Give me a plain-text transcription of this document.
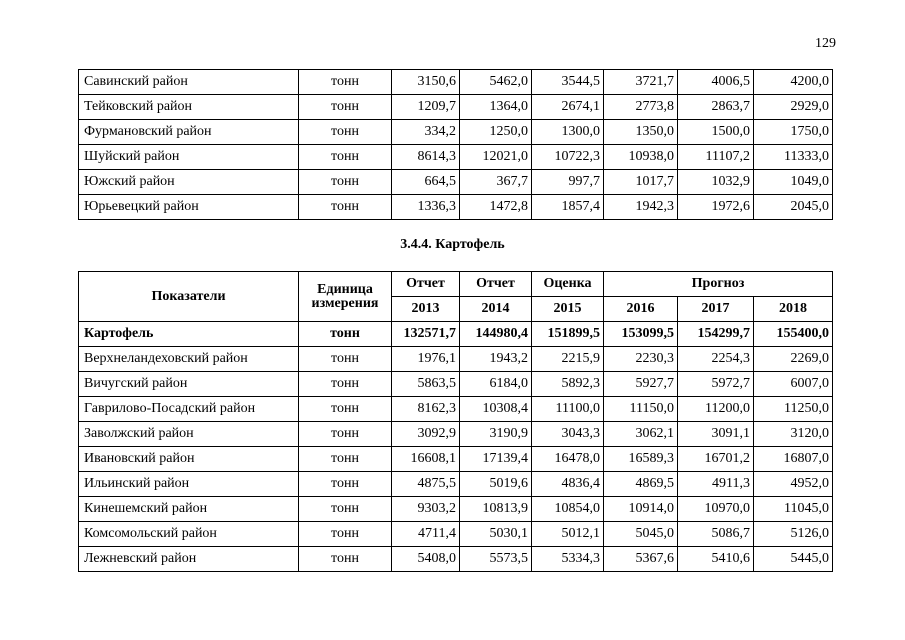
129
Савинский район	тонн	3150,6	5462,0	3544,5	3721,7	4006,5	4200,0
Тейковский район	тонн	1209,7	1364,0	2674,1	2773,8	2863,7	2929,0
Фурмановский район	тонн	334,2	1250,0	1300,0	1350,0	1500,0	1750,0
Шуйский район	тонн	8614,3	12021,0	10722,3	10938,0	11107,2	11333,0
Южский район	тонн	664,5	367,7	997,7	1017,7	1032,9	1049,0
Юрьевецкий район	тонн	1336,3	1472,8	1857,4	1942,3	1972,6	2045,0
3.4.4. Картофель
Показатели	Единица измерения	Отчет	Отчет	Оценка	Прогноз		
		2013	2014	2015	2016	2017	2018
Картофель	тонн	132571,7	144980,4	151899,5	153099,5	154299,7	155400,0
Верхнеландеховский район	тонн	1976,1	1943,2	2215,9	2230,3	2254,3	2269,0
Вичугский район	тонн	5863,5	6184,0	5892,3	5927,7	5972,7	6007,0
Гаврилово-Посадский район	тонн	8162,3	10308,4	11100,0	11150,0	11200,0	11250,0
Заволжский район	тонн	3092,9	3190,9	3043,3	3062,1	3091,1	3120,0
Ивановский район	тонн	16608,1	17139,4	16478,0	16589,3	16701,2	16807,0
Ильинский район	тонн	4875,5	5019,6	4836,4	4869,5	4911,3	4952,0
Кинешемский район	тонн	9303,2	10813,9	10854,0	10914,0	10970,0	11045,0
Комсомольский район	тонн	4711,4	5030,1	5012,1	5045,0	5086,7	5126,0
Лежневский район	тонн	5408,0	5573,5	5334,3	5367,6	5410,6	5445,0
